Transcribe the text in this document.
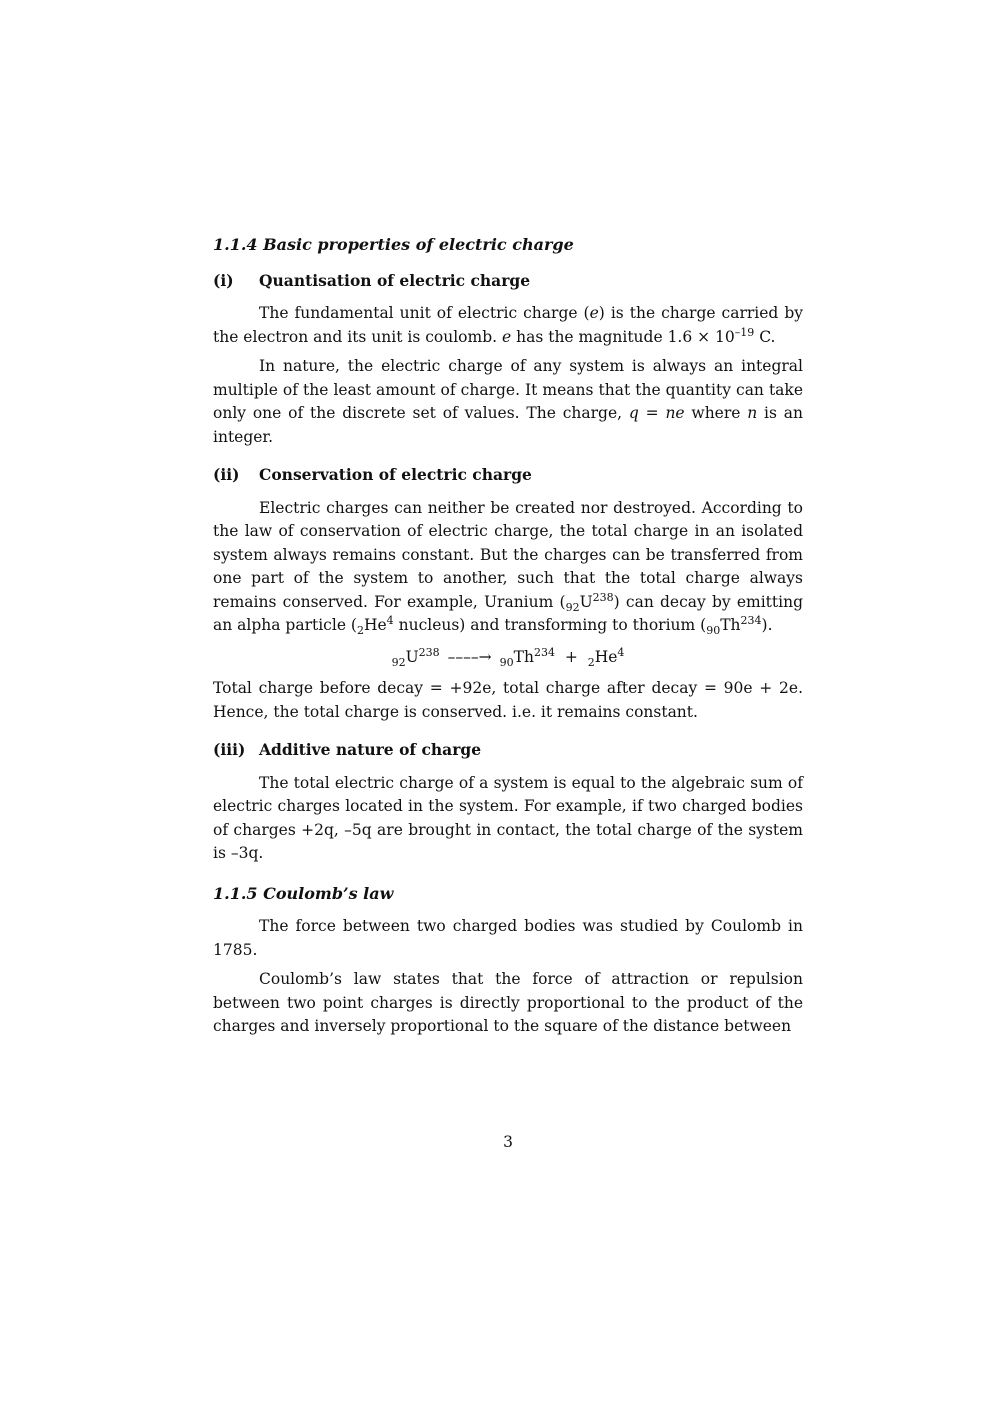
1.1.4 Basic properties of electric charge
(i)	Quantisation of electric charge

The fundamental unit of electric charge (e) is the charge carried by the electron and its unit is coulomb. e has the magnitude $1.6 \times 10^{-19}$ C.

In nature, the electric charge of any system is always an integral multiple of the least amount of charge. It means that the quantity can take only one of the discrete set of values. The charge, q = ne where n is an integer.

(ii)	Conservation of electric charge

Electric charges can neither be created nor destroyed. According to the law of conservation of electric charge, the total charge in an isolated system always remains constant. But the charges can be transferred from one part of the system to another, such that the total charge always remains conserved. For example, Uranium $(_{92}U^{238})$ can decay by emitting an alpha particle ($_2He^4$ nucleus) and transforming to thorium $(_{90}Th^{234})$.

$_{92}U^{238}$ ––––→ $_{90}Th^{234} + _2He^4$

Total charge before decay = +92e, total charge after decay = 90e + 2e. Hence, the total charge is conserved. i.e. it remains constant.

(iii) Additive nature of charge

The total electric charge of a system is equal to the algebraic sum of electric charges located in the system. For example, if two charged bodies of charges +2q, –5q are brought in contact, the total charge of the system is –3q.

1.1.5 Coulomb’s law

The force between two charged bodies was studied by Coulomb in 1785.

Coulomb’s law states that the force of attraction or repulsion between two point charges is directly proportional to the product of the charges and inversely proportional to the square of the distance between

3
